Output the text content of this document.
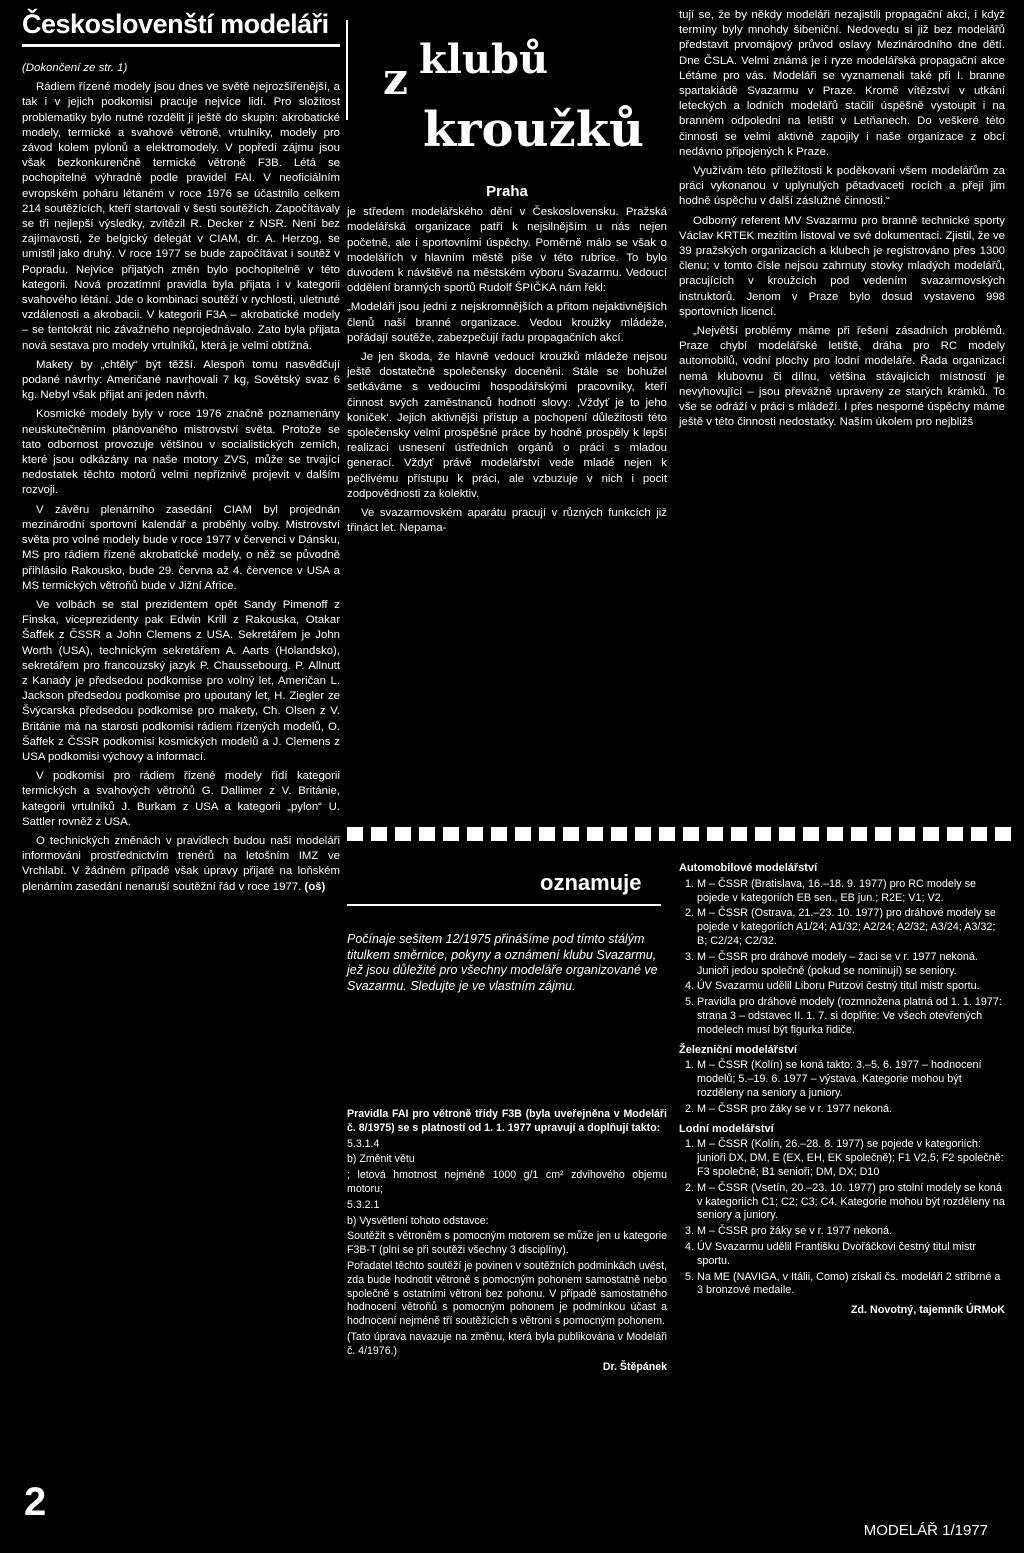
Českoslovenští modeláři

(Dokončení ze str. 1)

Rádiem řízené modely jsou dnes ve světě nejrozšířenější, a tak i v jejich podkomisi pracuje nejvíce lidí. Pro složitost problematiky bylo nutné rozdělit ji ještě do skupin: akrobatické modely, termické a svahové větroně, vrtulníky, modely pro závod kolem pylonů a elektromodely. V popředí zájmu jsou však bezkonkurenčně termické větroně F3B. Létá se pochopitelné výhradně podle pravidel FAI. V neoficiálním evropském poháru létaném v roce 1976 se účastnilo celkem 214 soutěžících, kteří startovali v šesti soutěžích. Započítávaly se tři nejlepší výsledky, zvítězil R. Decker z NSR. Není bez zajímavosti, že belgický delegát v CIAM, dr. A. Herzog, se umístil jako druhý. V roce 1977 se bude započítávat i soutěž v Popradu. Nejvíce přijatých změn bylo pochopitelně v této kategorii. Nová prozatímní pravidla byla přijata i v kategorii svahového létání. Jde o kombinaci soutěží v rychlosti, uletnuté vzdálenosti a akrobacii. V kategorii F3A – akrobatické modely – se tentokrát nic závažného neprojednávalo. Zato byla přijata nová sestava pro modely vrtulníků, která je velmi obtížná.

Makety by „chtěly“ být těžší. Alespoň tomu nasvědčují podané návrhy: Američané navrhovali 7 kg, Sovětský svaz 6 kg. Nebyl však přijat ani jeden návrh.

Kosmické modely byly v roce 1976 značně poznamenány neuskutečněním plánovaného mistrovství světa. Protože se tato odbornost provozuje většinou v socialistických zemích, které jsou odkázány na naše motory ZVS, může se trvající nedostatek těchto motorů velmi nepříznivě projevit v dalším rozvoji.

V závěru plenárního zasedání CIAM byl projednán mezinárodní sportovní kalendář a proběhly volby. Mistrovství světa pro volné modely bude v roce 1977 v červenci v Dánsku, MS pro rádiem řízené akrobatické modely, o něž se původně přihlásilo Rakousko, bude 29. června až 4. července v USA a MS termických větroňů bude v Jižní Africe.

Ve volbách se stal prezidentem opět Sandy Pimenoff z Finska, viceprezidenty pak Edwin Krill z Rakouska, Otakar Šaffek z ČSSR a John Clemens z USA. Sekretářem je John Worth (USA), technickým sekretářem A. Aarts (Holandsko), sekretářem pro francouzský jazyk P. Chaussebourg. P. Allnutt z Kanady je předsedou podkomise pro volný let, Američan L. Jackson předsedou podkomise pro upoutaný let, H. Ziegler ze Švýcarska předsedou podkomise pro makety, Ch. Olsen z V. Británie má na starosti podkomisi rádiem řízených modelů, O. Šaffek z ČSSR podkomisi kosmických modelů a J. Clemens z USA podkomisi výchovy a informací.

V podkomisi pro rádiem řízené modely řídí kategorii termických a svahových větroňů G. Dallimer z V. Británie, kategorii vrtulníků J. Burkam z USA a kategorii „pylon“ U. Sattler rovněž z USA.

O technických změnách v pravidlech budou naši modeláři informováni prostřednictvím trenérů na letošním IMZ ve Vrchlabí. V žádném případě však úpravy přijaté na loňském plenárním zasedání nenaruší soutěžní řád v roce 1977. (oš)

z klubů
kroužků
Praha

je středem modelářského dění v Československu. Pražská modelářská organizace patří k nejsilnějším u nás nejen početně, ale i sportovními úspěchy. Poměrně málo se však o modelářích v hlavním městě píše v této rubrice. To bylo duvodem k návštěvě na městském výboru Svazarmu. Vedoucí oddělení branných sportů Rudolf ŠPIČKA nám řekl:

„Modeláři jsou jedni z nejskromnějších a přitom nejaktivnějších členů naší branné organizace. Vedou kroužky mládeže, pořádají soutěže, zabezpečují řadu propagačních akcí.

Je jen škoda, že hlavně vedoucí kroužků mládeže nejsou ještě dostatečně společensky doceněni. Stále se bohužel setkáváme s vedoucími hospodářskými pracovníky, kteří činnost svých zaměstnanců hodnotí slovy: ‚Vždyť je to jeho koníček‘. Jejich aktivnějši přístup a pochopení důležitosti této společensky velmi prospěšné práce by hodně prospěly k lepší realizaci usnesení ústředních orgánů o práci s mladou generací. Vždyť právě modelářství vede mladé nejen k pečlivému přístupu k práci, ale vzbuzuje v nich i pocit zodpovědnosti za kolektiv.

Ve svazarmovském aparátu pracují v různých funkcích již třináct let. Nepama-

tují se, že by někdy modeláři nezajistili propagační akci, i když termíny byly mnohdy šibeniční. Nedovedu si již bez modelářů představit prvomájový průvod oslavy Mezinárodního dne dětí. Dne ČSLA. Velmi známá je i ryze modelářská propagační akce Létáme pro vás. Modeláři se vyznamenali také při I. branne spartakiádě Svazarmu v Praze. Kromě vítězství v utkání leteckých a lodních modelářů stačili úspěšně vystoupit i na branném odpoledni na letišti v Letňanech. Do veškeré této činnosti se velmi aktivně zapojily i naše organizace z obcí nedávno připojených k Praze.

Využívám této příležitosti k poděkovani všem modelářům za práci vykonanou v uplynulých pětadvaceti rocích a přeji jim hodně úspěchu v další záslužné činnosti.“

Odborný referent MV Svazarmu pro branně technické sporty Václav KRTEK mezitím listoval ve své dokumentaci. Zjistil, že ve 39 pražských organizacích a klubech je registrováno přes 1300 členu; v tomto čísle nejsou zahrnuty stovky mladých modelářů, pracujících v kroužcích pod vedením svazarmovských instruktorů. Jenom v Praze bylo dosud vystaveno 998 sportovních licencí.

„Největší problémy máme při řešení zásadních problémů. Praze chybí modelářské letiště, dráha pro RC modely automobilů, vodní plochy pro lodní modeláře. Řada organizací nemá klubovnu či dílnu, většina stávajících místností je nevyhovující – jsou převážně upraveny ze starých krámků. To vše se odráží v práci s mládeží. I přes nesporné úspěchy máme ještě v této činnosti nedostatky. Naším úkolem pro nejbližš

oznamuje
Počínaje sešitem 12/1975 přinášíme pod tímto stálým titulkem směrnice, pokyny a oznámení klubu Svazarmu, jež jsou důležité pro všechny modeláře organizované ve Svazarmu. Sledujte je ve vlastním zájmu.

Pravidla FAI pro větroně třídy F3B (byla uveřejněna v Modeláři č. 8/1975) se s platností od 1. 1. 1977 upravují a doplňují takto:

5.3.1.4

b) Změnit větu

; letová hmotnost nejméně 1000 g/1 cm² zdvihového objemu motoru;

5.3.2.1

b) Vysvětlení tohoto odstavce:

Soutěžit s větroněm s pomocným motorem se může jen u kategorie F3B-T (plní se při soutěži všechny 3 disciplíny).

Pořadatel těchto soutěží je povinen v soutěžních podmínkách uvést, zda bude hodnotit větroně s pomocným pohonem samostatně nebo společně s ostatními větroni bez pohonu. V případě samostatného hodnocení větroňů s pomocným pohonem je podmínkou účast a hodnocení nejméně tří soutěžících s větroni s pomocným pohonem.

(Tato úprava navazuje na změnu, která byla publikována v Modeláři č. 4/1976.)

Dr. Štěpánek

Automobilové modelářství
1. M – ČSSR (Bratislava, 16.–18. 9. 1977) pro RC modely se pojede v kategoriích EB sen., EB jun.; R2E; V1; V2.
2. M – ČSSR (Ostrava, 21.–23. 10. 1977) pro dráhové modely se pojede v kategoriích A1/24; A1/32; A2/24; A2/32; A3/24; A3/32; B; C2/24; C2/32.
3. M – ČSSR pro dráhové modely – žaci se v r. 1977 nekoná. Junioři jedou společně (pokud se nominují) se seniory.
4. ÚV Svazarmu udělil Liboru Putzovi čestný titul mistr sportu.
5. Pravidla pro dráhové modely (rozmnožena platná od 1. 1. 1977: strana 3 – odstavec II. 1. 7. si doplňte: Ve všech otevřených modelech musí být figurka řidiče.
Železniční modelářství
1. M – ČSSR (Kolín) se koná takto: 3.–5. 6. 1977 – hodnocení modelů; 5.–19. 6. 1977 – výstava. Kategorie mohou být rozděleny na seniory a juniory.
2. M – ČSSR pro žáky se v r. 1977 nekoná.
Lodní modelářství
1. M – ČSSR (Kolín, 26.–28. 8. 1977) se pojede v kategoriích: junioři DX, DM, E (EX, EH, EK společně); F1 V2,5; F2 společně: F3 společně; B1 senioři; DM, DX; D10
2. M – ČSSR (Vsetín, 20.–23. 10. 1977) pro stolní modely se koná v kategoriích C1; C2; C3; C4. Kategorie mohou být rozděleny na seniory a juniory.
3. M – ČSSR pro žáky se v r. 1977 nekoná.
4. ÚV Svazarmu udělil Františku Dvořáčkovi čestný titul mistr sportu.
5. Na ME (NAVIGA, v Itálii, Como) získali čs. modeláři 2 stříbrné a 3 bronzové medaile.
Zd. Novotný, tajemník ÚRMoK
2
MODELÁŘ 1/1977
